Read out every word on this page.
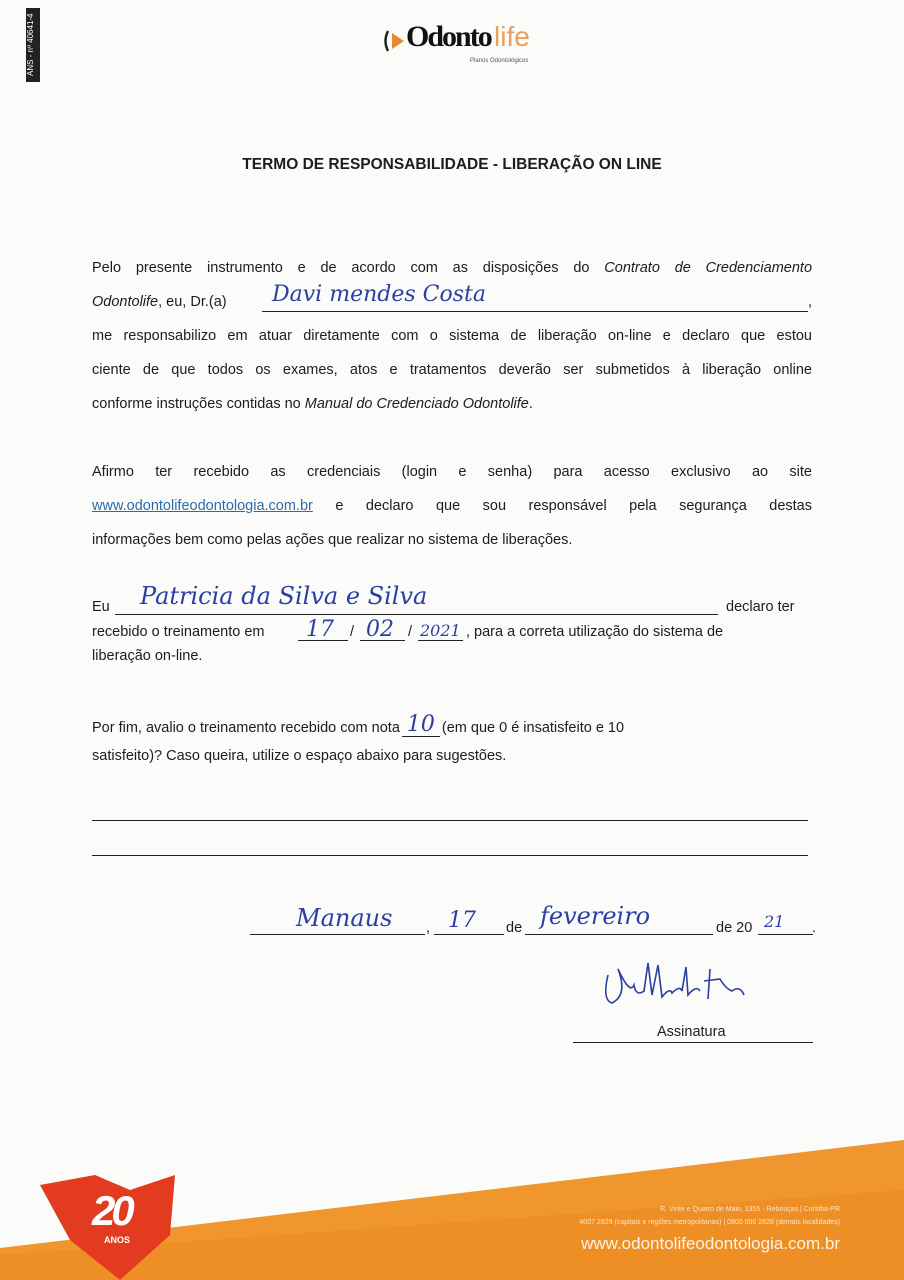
ANS - nº 40641-4	Odonto life
Planos Odontológicos
TERMO DE RESPONSABILIDADE - LIBERAÇÃO ON LINE
Pelo presente instrumento e de acordo com as disposições do Contrato de Credenciamento
Odontolife, eu, Dr.(a)	,
Davi mendes Costa
me responsabilizo em atuar diretamente com o sistema de liberação on-line e declaro que estou
ciente de que todos os exames, atos e tratamentos deverão ser submetidos à liberação online
conforme instruções contidas no Manual do Credenciado Odontolife.
Afirmo ter recebido as credenciais (login e senha) para acesso exclusivo ao site
www.odontolifeodontologia.com.br e declaro que sou responsável pela segurança destas
informações bem como pelas ações que realizar no sistema de liberações.
Eu Patricia da Silva e Silva	declaro ter
recebido o treinamento em 17 / 02 / 2021 , para a correta utilização do sistema de
liberação on-line.
Por fim, avalio o treinamento recebido com nota 10 (em que 0 é insatisfeito e 10
satisfeito)? Caso queira, utilize o espaço abaixo para sugestões.
Manaus , 17 de fevereiro	de 20 21 .
Assinatura
20
ANOS
R. Vinte e Quatro de Maio, 1355 - Rebouças | Curitiba-PR
4007 2829 (capitais e regiões metropolitanas) | 0800 000 2828 (demais localidades)
www.odontolifeodontologia.com.br
